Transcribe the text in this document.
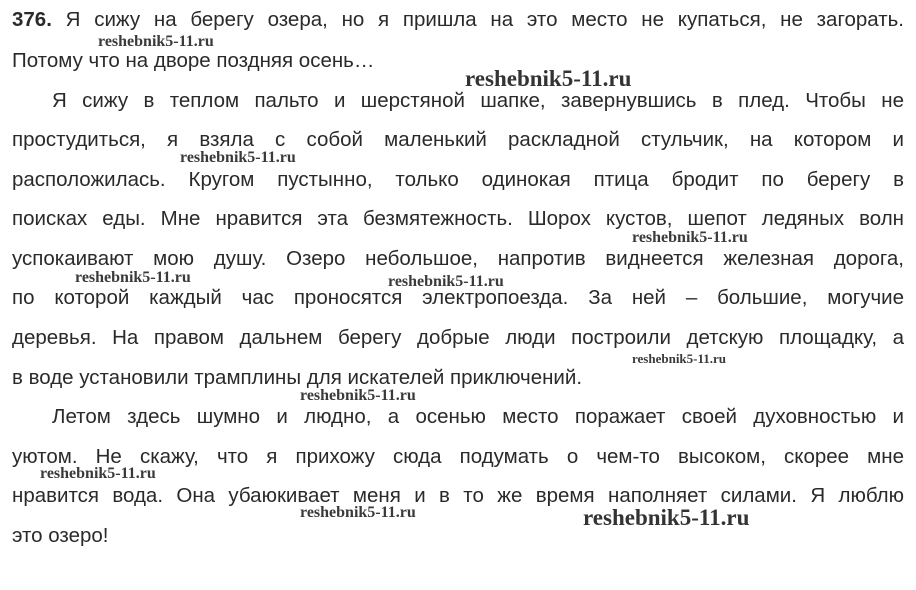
376. Я сижу на берегу озера, но я пришла на это место не купаться, не загорать.
Потому что на дворе поздняя осень…
Я сижу в теплом пальто и шерстяной шапке, завернувшись в плед. Чтобы не
простудиться, я взяла с собой маленький раскладной стульчик, на котором и
расположилась. Кругом пустынно, только одинокая птица бродит по берегу в
поисках еды. Мне нравится эта безмятежность. Шорох кустов, шепот ледяных волн
успокаивают мою душу. Озеро небольшое, напротив виднеется железная дорога,
по которой каждый час проносятся электропоезда. За ней – большие, могучие
деревья. На правом дальнем берегу добрые люди построили детскую площадку, а
в воде установили трамплины для искателей приключений.
Летом здесь шумно и людно, а осенью место поражает своей духовностью и
уютом. Не скажу, что я прихожу сюда подумать о чем-то высоком, скорее мне
нравится вода. Она убаюкивает меня и в то же время наполняет силами. Я люблю
это озеро!
reshebnik5-11.ru
reshebnik5-11.ru
reshebnik5-11.ru
reshebnik5-11.ru
reshebnik5-11.ru	reshebnik5-11.ru
reshebnik5-11.ru
reshebnik5-11.ru
reshebnik5-11.ru
reshebnik5-11.ru	reshebnik5-11.ru
